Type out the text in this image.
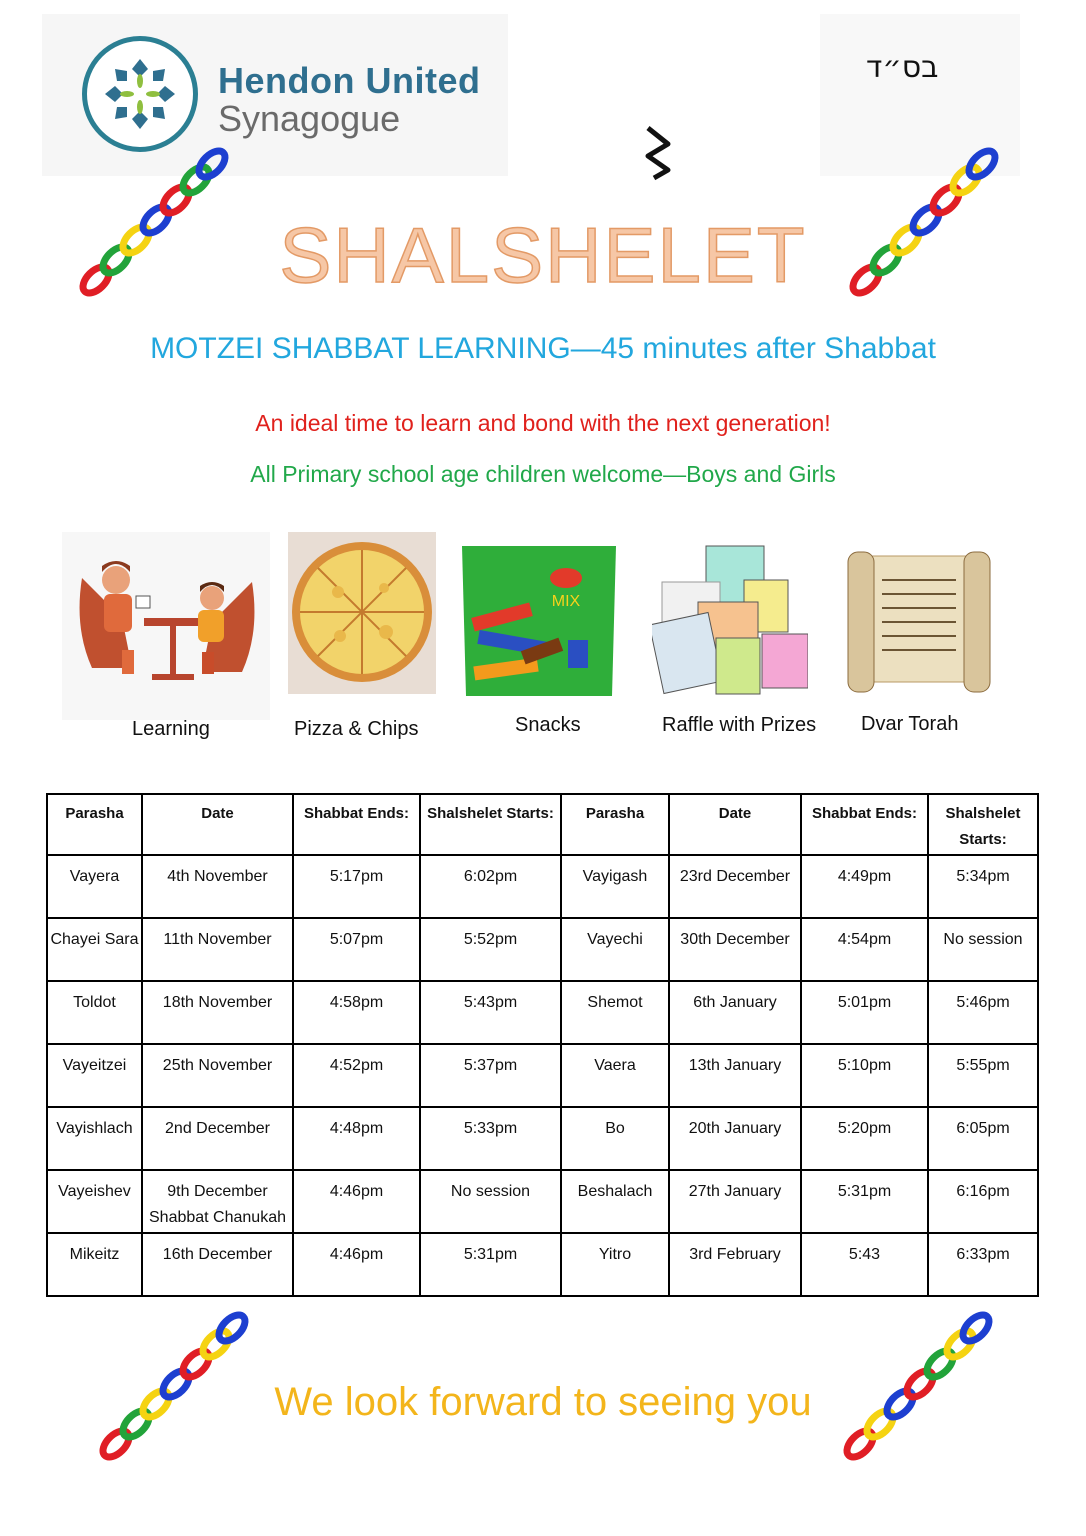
Hendon United
Synagogue
בס״ד
SHALSHELET
MOTZEI SHABBAT LEARNING—45 minutes after Shabbat
An ideal time to learn and bond with the next generation!
All Primary school age children welcome—Boys and Girls
MIX
Learning	Pizza & Chips	Snacks	Raffle with Prizes Dvar Torah
Parasha	Date	Shabbat Ends:	Shalshelet Starts:	Parasha	Date	Shabbat Ends:	Shalshelet Starts:
Vayera	4th November	5:17pm	6:02pm	Vayigash	23rd December	4:49pm	5:34pm
Chayei Sara	11th November	5:07pm	5:52pm	Vayechi	30th December	4:54pm	No session
Toldot	18th November	4:58pm	5:43pm	Shemot	6th January	5:01pm	5:46pm
Vayeitzei	25th November	4:52pm	5:37pm	Vaera	13th January	5:10pm	5:55pm
Vayishlach	2nd December	4:48pm	5:33pm	Bo	20th January	5:20pm	6:05pm
Vayeishev	9th December Shabbat Chanukah	4:46pm	No session	Beshalach	27th January	5:31pm	6:16pm
Mikeitz	16th December	4:46pm	5:31pm	Yitro	3rd February	5:43	6:33pm
We look forward to seeing you
